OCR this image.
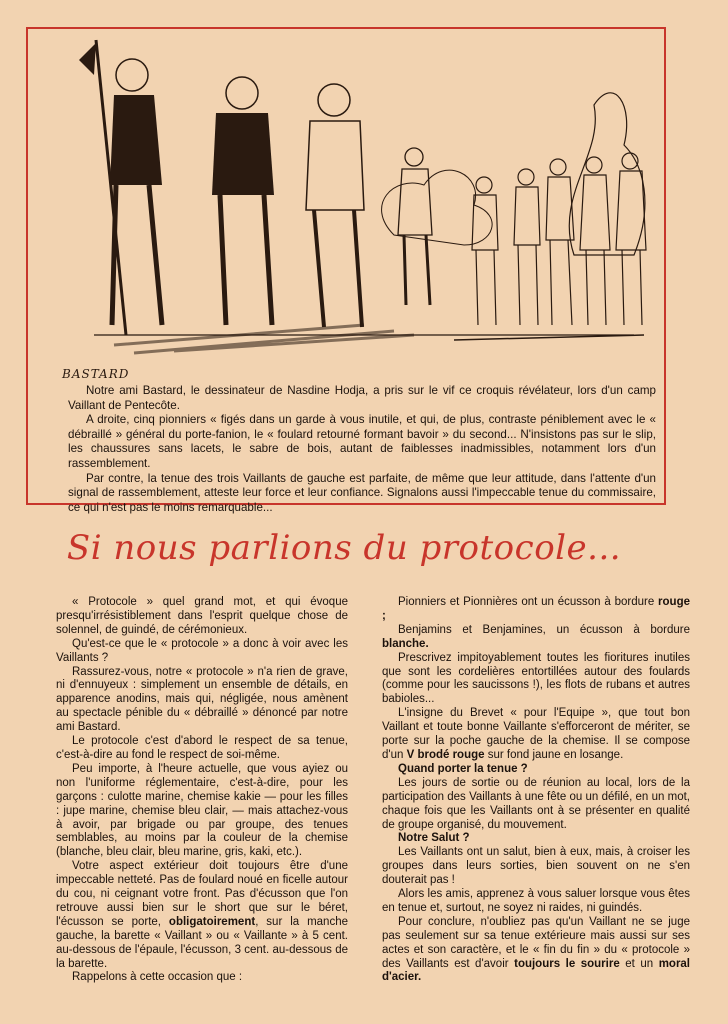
BASTARD

Notre ami Bastard, le dessinateur de Nasdine Hodja, a pris sur le vif ce croquis révélateur, lors d'un camp Vaillant de Pentecôte.

A droite, cinq pionniers « figés dans un garde à vous inutile, et qui, de plus, contraste péniblement avec le « débraillé » général du porte-fanion, le « foulard retourné formant bavoir » du second... N'insistons pas sur le slip, les chaussures sans lacets, le sabre de bois, autant de faiblesses inadmissibles, notamment lors d'un rassemblement.

Par contre, la tenue des trois Vaillants de gauche est parfaite, de même que leur attitude, dans l'attente d'un signal de rassemblement, atteste leur force et leur confiance. Signalons aussi l'impeccable tenue du commissaire, ce qui n'est pas le moins remarquable...

Si nous parlions du protocole...

« Protocole » quel grand mot, et qui évoque presqu'irrésistiblement dans l'esprit quelque chose de solennel, de guindé, de cérémonieux.

Qu'est-ce que le « protocole » a donc à voir avec les Vaillants ?

Rassurez-vous, notre « protocole » n'a rien de grave, ni d'ennuyeux : simplement un ensemble de détails, en apparence anodins, mais qui, négligée, nous amènent au spectacle pénible du « débraillé » dénoncé par notre ami Bastard.

Le protocole c'est d'abord le respect de sa tenue, c'est-à-dire au fond le respect de soi-même.

Peu importe, à l'heure actuelle, que vous ayiez ou non l'uniforme réglementaire, c'est-à-dire, pour les garçons : culotte marine, chemise kakie — pour les filles : jupe marine, chemise bleu clair, — mais attachez-vous à avoir, par brigade ou par groupe, des tenues semblables, au moins par la couleur de la chemise (blanche, bleu clair, bleu marine, gris, kaki, etc.).

Votre aspect extérieur doit toujours être d'une impeccable netteté. Pas de foulard noué en ficelle autour du cou, ni ceignant votre front. Pas d'écusson que l'on retrouve aussi bien sur le short que sur le béret, l'écusson se porte, obligatoirement, sur la manche gauche, la barette « Vaillant » ou « Vaillante » à 5 cent. au-dessous de l'épaule, l'écusson, 3 cent. au-dessous de la barette.

Rappelons à cette occasion que :

Pionniers et Pionnières ont un écusson à bordure rouge ;

Benjamins et Benjamines, un écusson à bordure blanche.

Prescrivez impitoyablement toutes les fioritures inutiles que sont les cordelières entortillées autour des foulards (comme pour les saucissons !), les flots de rubans et autres babioles...

L'insigne du Brevet « pour l'Equipe », que tout bon Vaillant et toute bonne Vaillante s'efforceront de mériter, se porte sur la poche gauche de la chemise. Il se compose d'un V brodé rouge sur fond jaune en losange.

Quand porter la tenue ?

Les jours de sortie ou de réunion au local, lors de la participation des Vaillants à une fête ou un défilé, en un mot, chaque fois que les Vaillants ont à se présenter en qualité de groupe organisé, du mouvement.

Notre Salut ?

Les Vaillants ont un salut, bien à eux, mais, à croiser les groupes dans leurs sorties, bien souvent on ne s'en douterait pas !

Alors les amis, apprenez à vous saluer lorsque vous êtes en tenue et, surtout, ne soyez ni raides, ni guindés.

Pour conclure, n'oubliez pas qu'un Vaillant ne se juge pas seulement sur sa tenue extérieure mais aussi sur ses actes et son caractère, et le « fin du fin » du « protocole » des Vaillants est d'avoir toujours le sourire et un moral d'acier.
